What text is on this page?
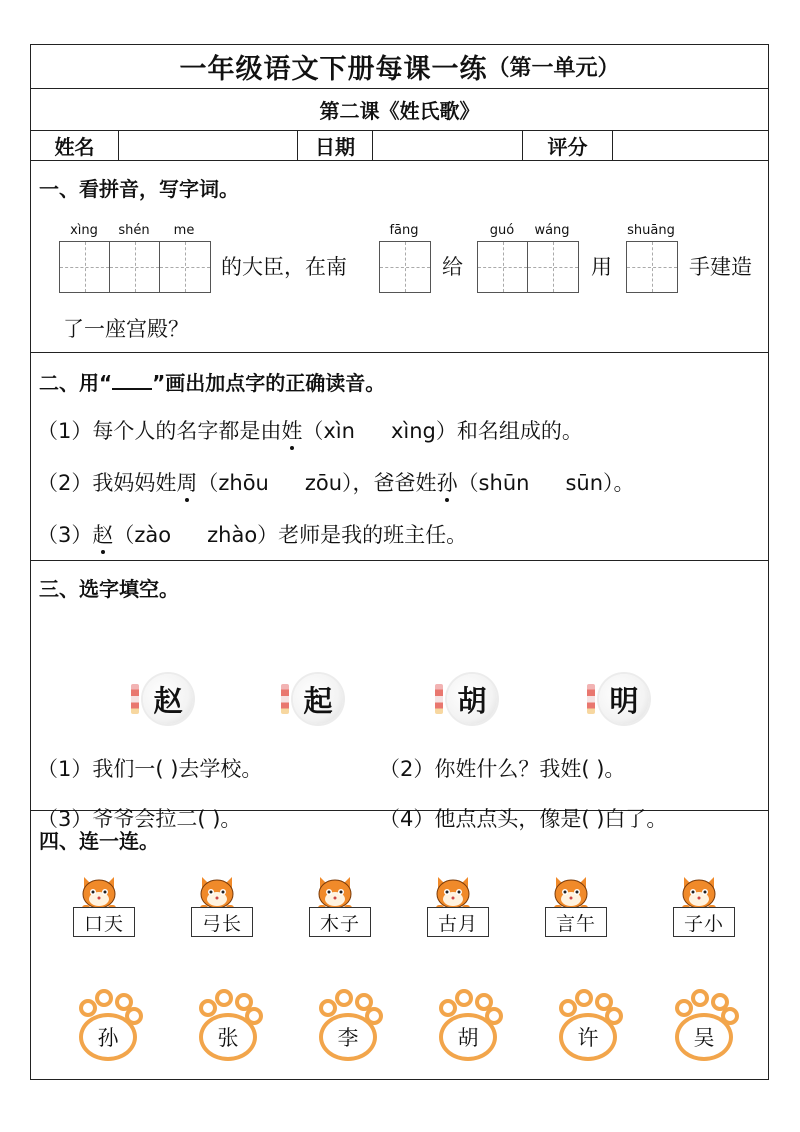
一年级语文下册每课一练 （第一单元）
第二课《姓氏歌》
姓名	日期	评分
一、看拼音，写字词。
xìng	shén	me
的大臣，在南
fāng
给
guó	wáng
用
shuāng
手建造
了一座宫殿？
二、用“ ”画出加点字的正确读音。
（1）每个人的名字都是由姓（xìn xìng）和名组成的。
（2）我妈妈姓周（zhōu zōu），爸爸姓孙（shūn sūn）。
（3）赵（zào zhào）老师是我的班主任。
三、选字填空。
赵	起	胡	明
（1）我们一( )去学校。	（2）你姓什么？我姓( )。
（3）爷爷会拉二( )。	（4）他点点头，像是( )白了。
四、连一连。
口天	弓长	木子	古月	言午	子小
孙	张	李	胡	许	吴
